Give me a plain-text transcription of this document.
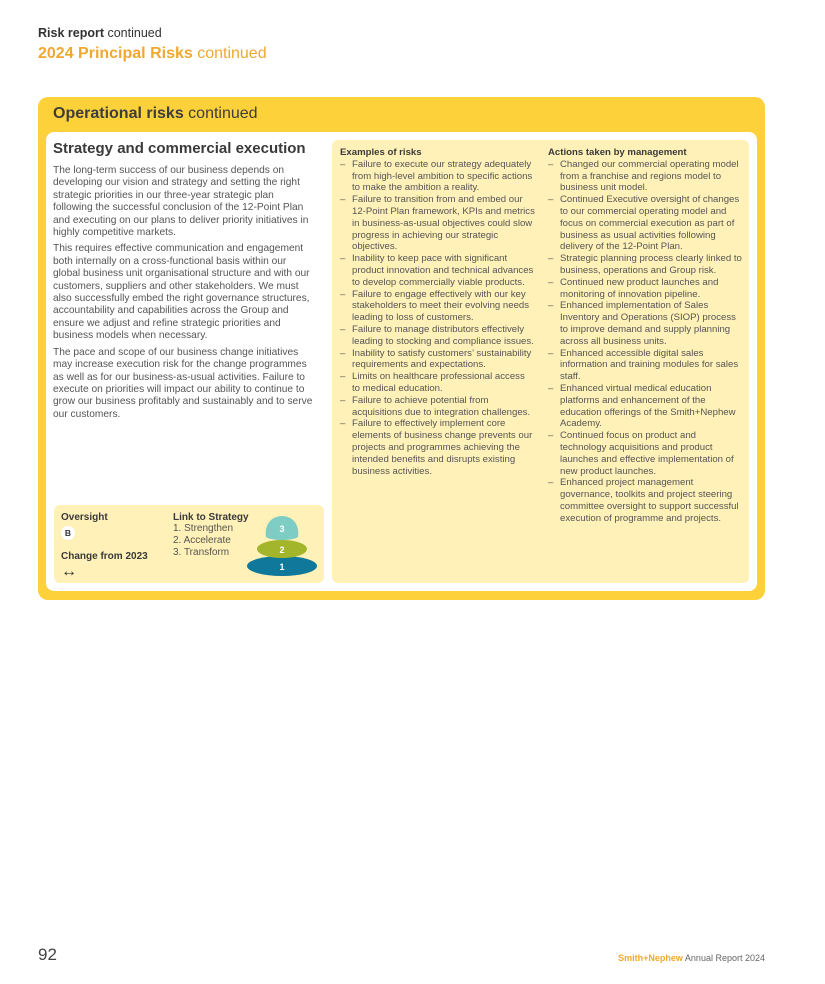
Risk report continued
2024 Principal Risks continued
Operational risks continued
Strategy and commercial execution

The long-term success of our business depends on developing our vision and strategy and setting the right strategic priorities in our three-year strategic plan following the successful conclusion of the 12-Point Plan and executing on our plans to deliver priority initiatives in highly competitive markets.

This requires effective communication and engagement both internally on a cross-functional basis within our global business unit organisational structure and with our customers, suppliers and other stakeholders. We must also successfully embed the right governance structures, accountability and capabilities across the Group and ensure we adjust and refine strategic priorities and business models when necessary.

The pace and scope of our business change initiatives may increase execution risk for the change programmes as well as for our business-as-usual activities. Failure to execute on priorities will impact our ability to continue to grow our business profitably and sustainably and to serve our customers.

Oversight
B
Change from 2023
↔
Link to Strategy
1. Strengthen
2. Accelerate
3. Transform
1
2
3
Examples of risks
– Failure to execute our strategy adequately from high-level ambition to specific actions to make the ambition a reality.
– Failure to transition from and embed our 12-Point Plan framework, KPIs and metrics in business-as-usual objectives could slow progress in achieving our strategic objectives.
– Inability to keep pace with significant product innovation and technical advances to develop commercially viable products.
– Failure to engage effectively with our key stakeholders to meet their evolving needs leading to loss of customers.
– Failure to manage distributors effectively leading to stocking and compliance issues.
– Inability to satisfy customers’ sustainability requirements and expectations.
– Limits on healthcare professional access to medical education.
– Failure to achieve potential from acquisitions due to integration challenges.
– Failure to effectively implement core elements of business change prevents our projects and programmes achieving the intended benefits and disrupts existing business activities.
Actions taken by management
– Changed our commercial operating model from a franchise and regions model to business unit model.
– Continued Executive oversight of changes to our commercial operating model and focus on commercial execution as part of business as usual activities following delivery of the 12-Point Plan.
– Strategic planning process clearly linked to business, operations and Group risk.
– Continued new product launches and monitoring of innovation pipeline.
– Enhanced implementation of Sales Inventory and Operations (SIOP) process to improve demand and supply planning across all business units.
– Enhanced accessible digital sales information and training modules for sales staff.
– Enhanced virtual medical education platforms and enhancement of the education offerings of the Smith+Nephew Academy.
– Continued focus on product and technology acquisitions and product launches and effective implementation of new product launches.
– Enhanced project management governance, toolkits and project steering committee oversight to support successful execution of programme and projects.
92	Smith+Nephew Annual Report 2024
